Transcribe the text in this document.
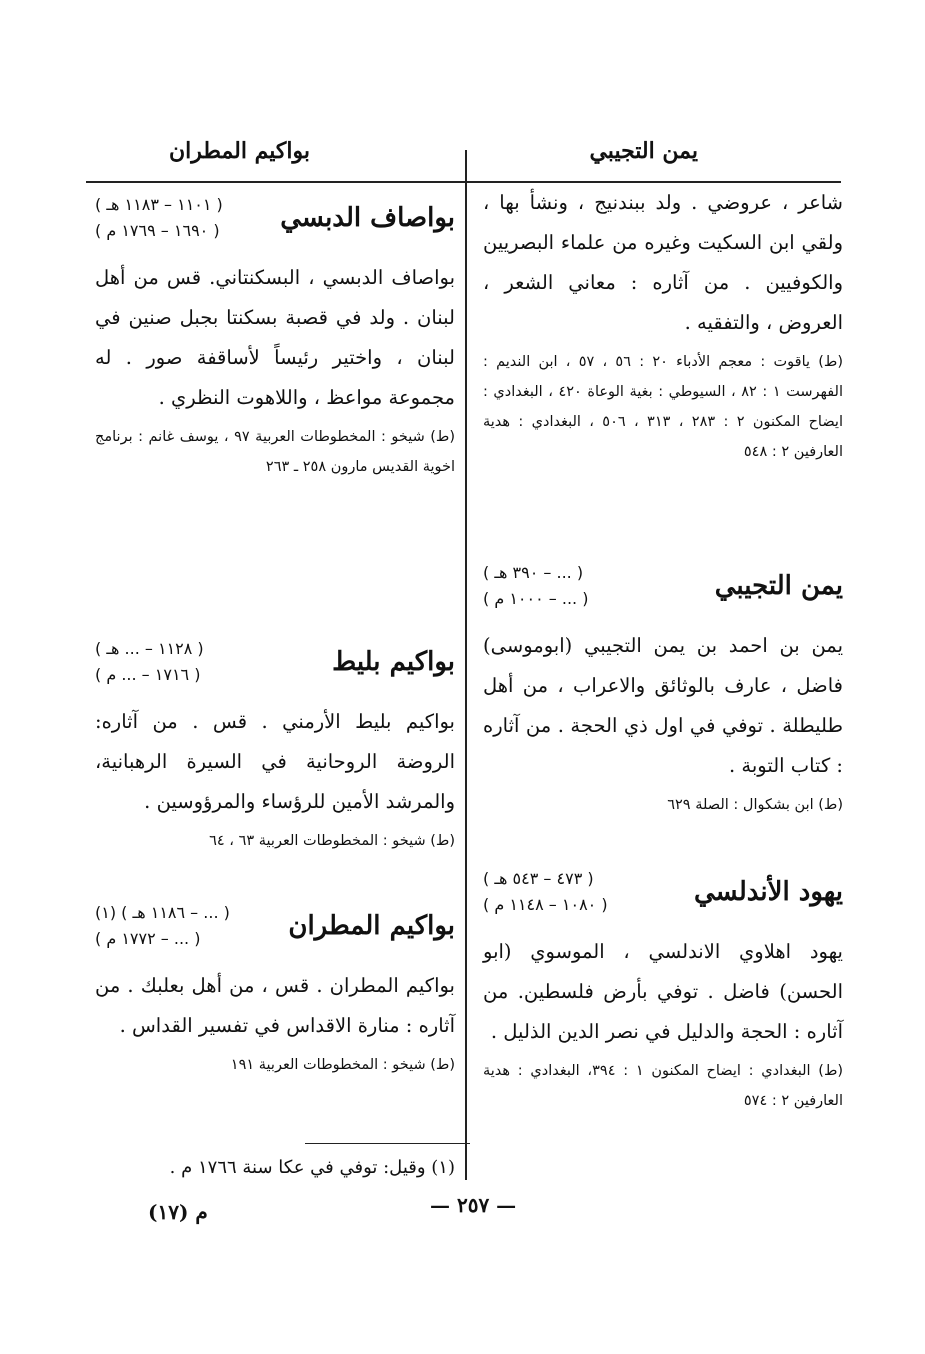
يمن التجيبي
بواكيم المطران
شاعر ، عروضي . ولد ببندنيج ، ونشأ بها ، ولقي ابن السكيت وغيره من علماء البصريين والكوفيين . من آثاره : معاني الشعر ، العروض ، والتفقيه .
(ط) ياقوت : معجم الأدباء ٢٠ : ٥٦ ، ٥٧ ، ابن النديم : الفهرست ١ : ٨٢ ، السيوطي : بغية الوعاة ٤٢٠ ، البغدادي : ايضاح المكنون ٢ : ٢٨٣ ، ٣١٣ ، ٥٠٦ ، البغدادي : هدية العارفين ٢ : ٥٤٨
يمن التجيبي
( ... – ٣٩٠ هـ )
( ... – ١٠٠٠ م )
يمن بن احمد بن يمن التجيبي (ابوموسى) فاضل ، عارف بالوثائق والاعراب ، من أهل طليطلة . توفي في اول ذي الحجة . من آثاره : كتاب التوبة .
(ط) ابن بشكوال : الصلة ٦٢٩
يهود الأندلسي
( ٤٧٣ – ٥٤٣ هـ )
( ١٠٨٠ – ١١٤٨ م )
يهود اهلاوي الاندلسي ، الموسوي (ابو الحسن) فاضل . توفي بأرض فلسطين. من آثاره : الحجة والدليل في نصر الدين الذليل .
(ط) البغدادي : ايضاح المكنون ١ : ٣٩٤، البغدادي : هدية العارفين ٢ : ٥٧٤
بواصاف الدبسي
( ١١٠١ – ١١٨٣ هـ )
( ١٦٩٠ – ١٧٦٩ م )
بواصاف الدبسي ، البسكنتاني. قس من أهل لبنان . ولد في قصبة بسكنتا بجبل صنين في لبنان ، واختير رئيساً لأساقفة صور . له مجموعة مواعظ ، واللاهوت النظري .
(ط) شيخو : المخطوطات العربية ٩٧ ، يوسف غانم : برنامج اخوية القديس مارون ٢٥٨ ـ ٢٦٣
بواكيم بليط
( ١١٢٨ – ... هـ )
( ١٧١٦ – ... م )
بواكيم بليط الأرمني . قس . من آثاره: الروضة الروحانية في السيرة الرهبانية، والمرشد الأمين للرؤساء والمرؤوسين .
(ط) شيخو : المخطوطات العربية ٦٣ ، ٦٤
بواكيم المطران
( ... – ١١٨٦ هـ ) (١)
( ... – ١٧٧٢ م )
بواكيم المطران . قس ، من أهل بعلبك . من آثاره : منارة الاقداس في تفسير القداس .
(ط) شيخو : المخطوطات العربية ١٩١
(١) وقيل: توفي في عكا سنة ١٧٦٦ م .
— ٢٥٧ —
م (١٧)
